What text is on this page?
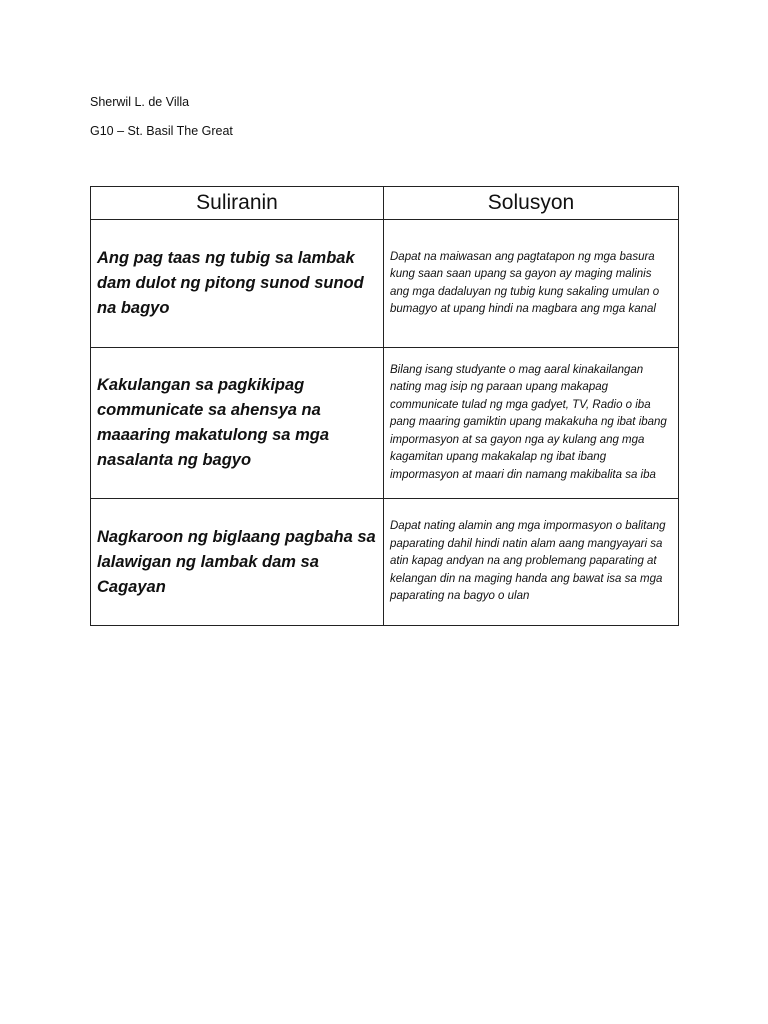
Sherwil L. de Villa
G10 – St. Basil The Great
Suliranin	Solusyon

Ang pag taas ng tubig sa lambak dam dulot ng pitong sunod sunod na bagyo	Dapat na maiwasan ang pagtatapon ng mga basura kung saan saan upang sa gayon ay maging malinis ang mga dadaluyan ng tubig kung sakaling umulan o bumagyo at upang hindi na magbara ang mga kanal

Kakulangan sa pagkikipag communicate sa ahensya na maaaring makatulong sa mga nasalanta ng bagyo	Bilang isang studyante o mag aaral kinakailangan nating mag isip ng paraan upang makapag communicate tulad ng mga gadyet, TV, Radio o iba pang maaring gamiktin upang makakuha ng ibat ibang impormasyon at sa gayon nga ay kulang ang mga kagamitan upang makakalap ng ibat ibang impormasyon at maari din namang makibalita sa iba

Nagkaroon ng biglaang pagbaha sa lalawigan ng lambak dam sa Cagayan	Dapat nating alamin ang mga impormasyon o balitang paparating dahil hindi natin alam aang mangyayari sa atin kapag andyan na ang problemang paparating at kelangan din na maging handa ang bawat isa sa mga paparating na bagyo o ulan
